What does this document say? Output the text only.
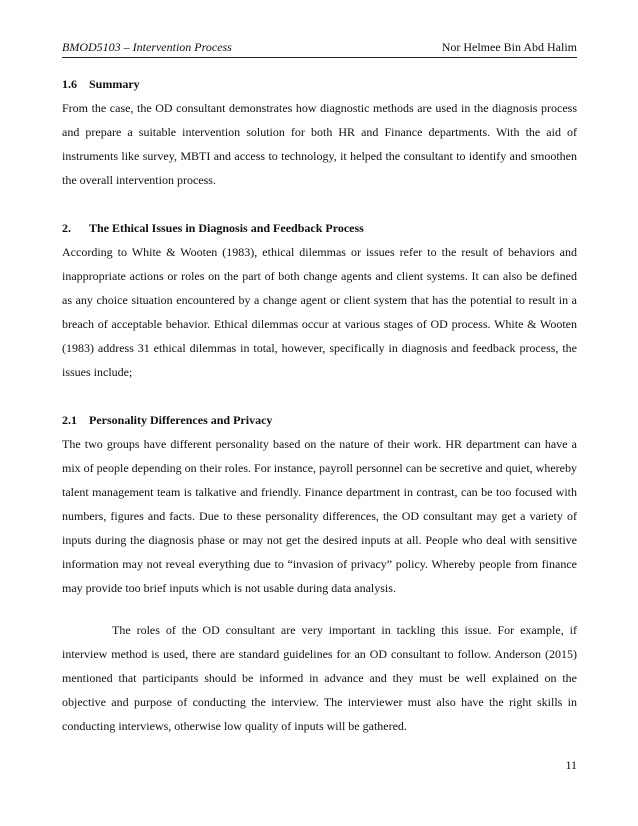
BMOD5103 – Intervention Process	Nor Helmee Bin Abd Halim
1.6 Summary

From the case, the OD consultant demonstrates how diagnostic methods are used in the diagnosis process and prepare a suitable intervention solution for both HR and Finance departments. With the aid of instruments like survey, MBTI and access to technology, it helped the consultant to identify and smoothen the overall intervention process.

2. The Ethical Issues in Diagnosis and Feedback Process

According to White & Wooten (1983), ethical dilemmas or issues refer to the result of behaviors and inappropriate actions or roles on the part of both change agents and client systems. It can also be defined as any choice situation encountered by a change agent or client system that has the potential to result in a breach of acceptable behavior. Ethical dilemmas occur at various stages of OD process. White & Wooten (1983) address 31 ethical dilemmas in total, however, specifically in diagnosis and feedback process, the issues include;

2.1 Personality Differences and Privacy

The two groups have different personality based on the nature of their work. HR department can have a mix of people depending on their roles. For instance, payroll personnel can be secretive and quiet, whereby talent management team is talkative and friendly. Finance department in contrast, can be too focused with numbers, figures and facts. Due to these personality differences, the OD consultant may get a variety of inputs during the diagnosis phase or may not get the desired inputs at all. People who deal with sensitive information may not reveal everything due to “invasion of privacy” policy. Whereby people from finance may provide too brief inputs which is not usable during data analysis.

The roles of the OD consultant are very important in tackling this issue. For example, if interview method is used, there are standard guidelines for an OD consultant to follow. Anderson (2015) mentioned that participants should be informed in advance and they must be well explained on the objective and purpose of conducting the interview. The interviewer must also have the right skills in conducting interviews, otherwise low quality of inputs will be gathered.

11
